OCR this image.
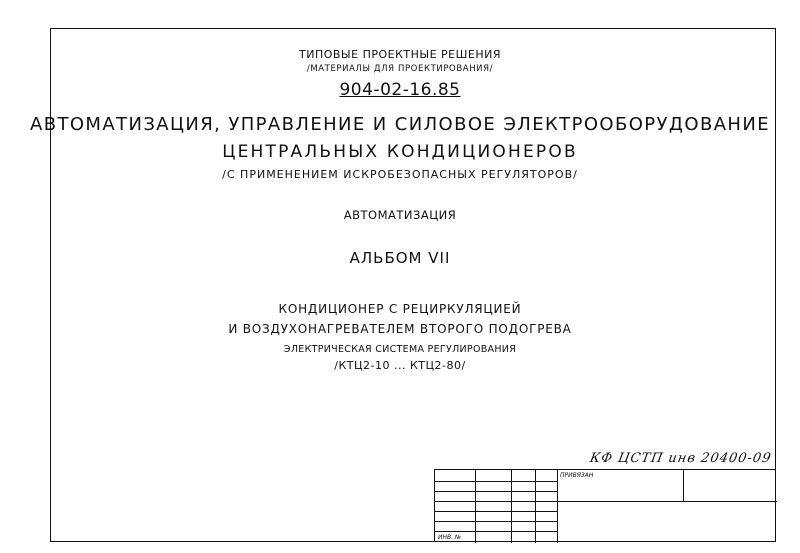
ТИПОВЫЕ ПРОЕКТНЫЕ РЕШЕНИЯ
/МАТЕРИАЛЫ ДЛЯ ПРОЕКТИРОВАНИЯ/
904-02-16.85
АВТОМАТИЗАЦИЯ, УПРАВЛЕНИЕ И СИЛОВОЕ ЭЛЕКТРООБОРУДОВАНИЕ
ЦЕНТРАЛЬНЫХ КОНДИЦИОНЕРОВ
/С ПРИМЕНЕНИЕМ ИСКРОБЕЗОПАСНЫХ РЕГУЛЯТОРОВ/
АВТОМАТИЗАЦИЯ
АЛЬБОМ VII
КОНДИЦИОНЕР С РЕЦИРКУЛЯЦИЕЙ
И ВОЗДУХОНАГРЕВАТЕЛЕМ ВТОРОГО ПОДОГРЕВА
ЭЛЕКТРИЧЕСКАЯ СИСТЕМА РЕГУЛИРОВАНИЯ
/КТЦ2-10 ... КТЦ2-80/
КФ ЦСТП инв 20400-09
ПРИВЯЗАН
ИНВ. №
